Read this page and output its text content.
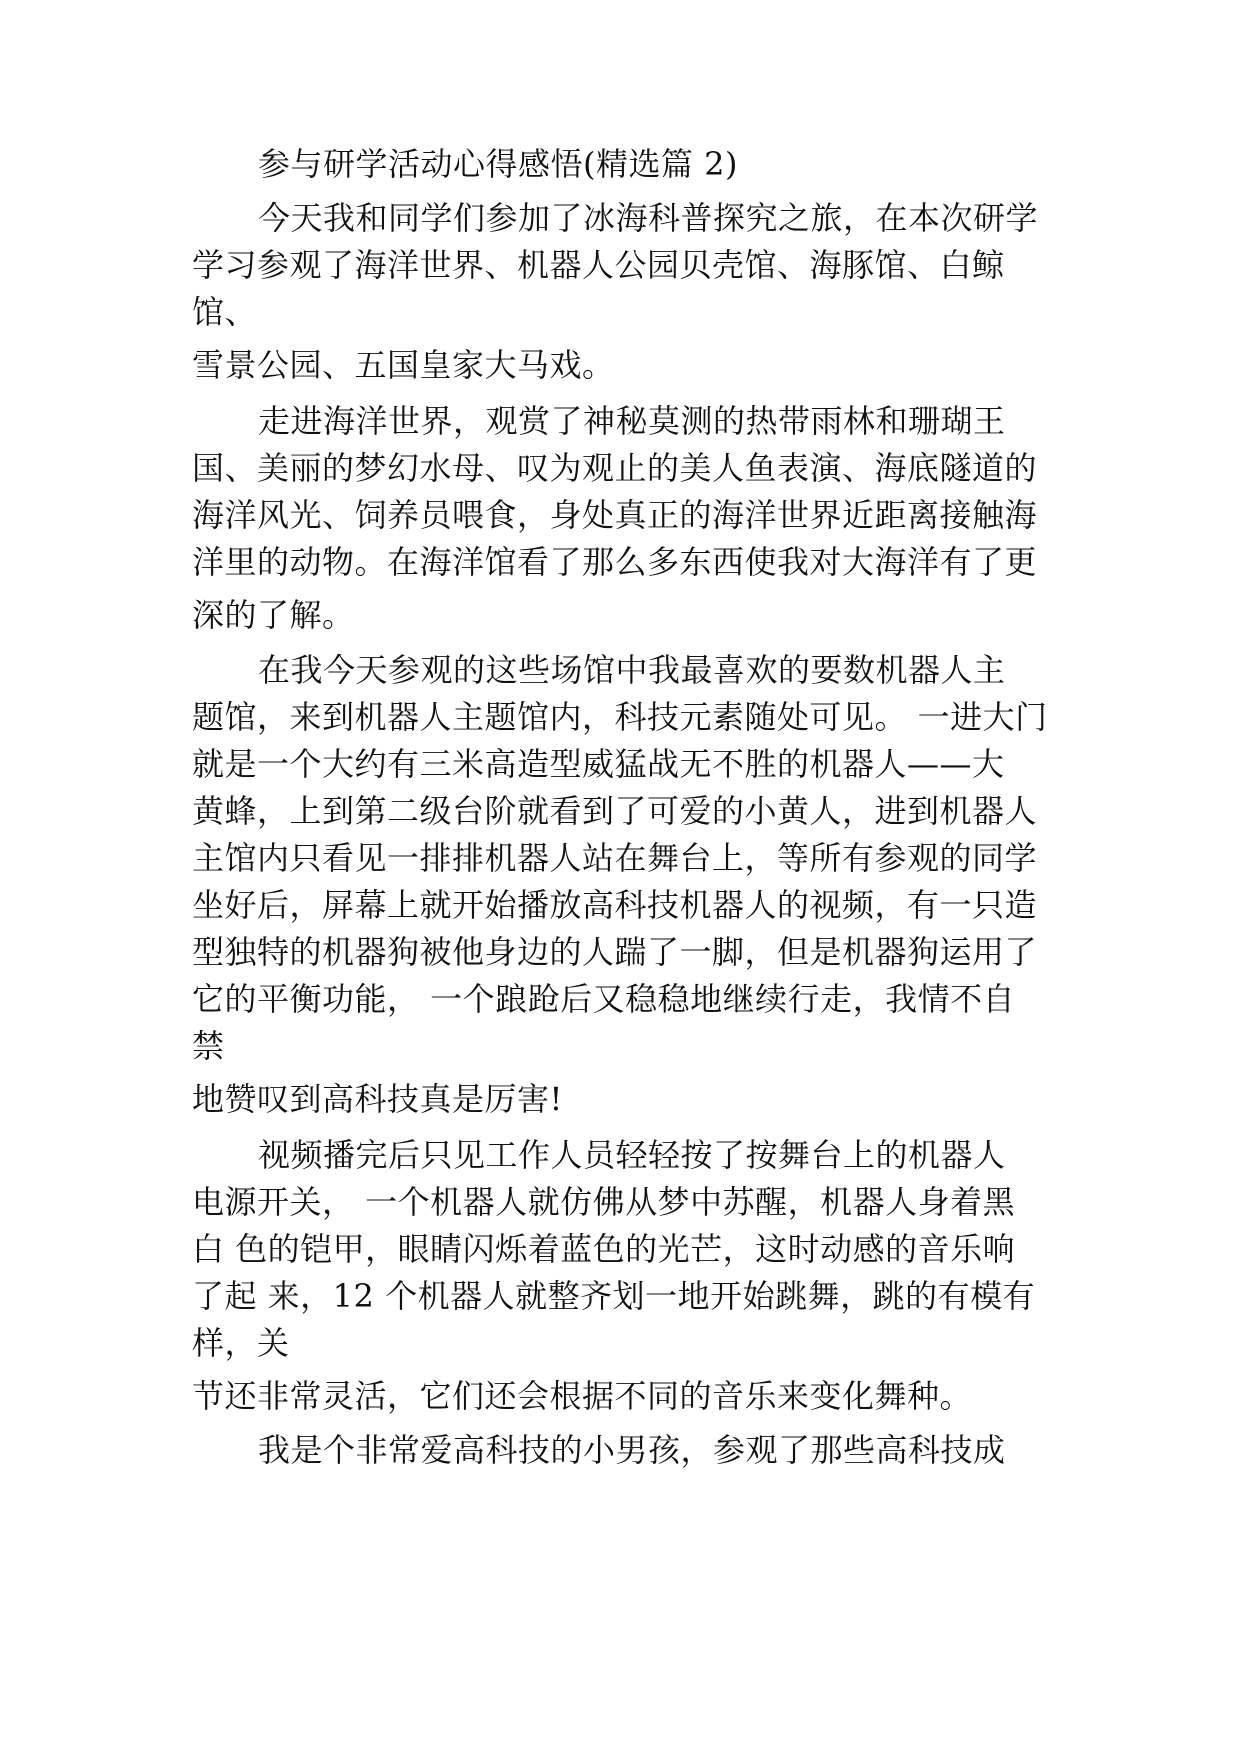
参与研学活动心得感悟(精选篇 2)
今天我和同学们参加了冰海科普探究之旅，在本次研学
学习参观了海洋世界、机器人公园贝壳馆、海豚馆、白鲸
馆、
雪景公园、五国皇家大马戏。
走进海洋世界，观赏了神秘莫测的热带雨林和珊瑚王
国、美丽的梦幻水母、叹为观止的美人鱼表演、海底隧道的
海洋风光、饲养员喂食，身处真正的海洋世界近距离接触海
洋里的动物。在海洋馆看了那么多东西使我对大海洋有了更
深的了解。
在我今天参观的这些场馆中我最喜欢的要数机器人主
题馆，来到机器人主题馆内，科技元素随处可见。 一进大门
就是一个大约有三米高造型威猛战无不胜的机器人——大
黄蜂，上到第二级台阶就看到了可爱的小黄人，进到机器人
主馆内只看见一排排机器人站在舞台上，等所有参观的同学
坐好后，屏幕上就开始播放高科技机器人的视频，有一只造
型独特的机器狗被他身边的人踹了一脚，但是机器狗运用了
它的平衡功能， 一个踉跄后又稳稳地继续行走，我情不自
禁
地赞叹到高科技真是厉害!
视频播完后只见工作人员轻轻按了按舞台上的机器人
电源开关， 一个机器人就仿佛从梦中苏醒，机器人身着黑
白 色的铠甲，眼睛闪烁着蓝色的光芒，这时动感的音乐响
了起 来，12 个机器人就整齐划一地开始跳舞，跳的有模有
样，关
节还非常灵活，它们还会根据不同的音乐来变化舞种。
我是个非常爱高科技的小男孩，参观了那些高科技成
